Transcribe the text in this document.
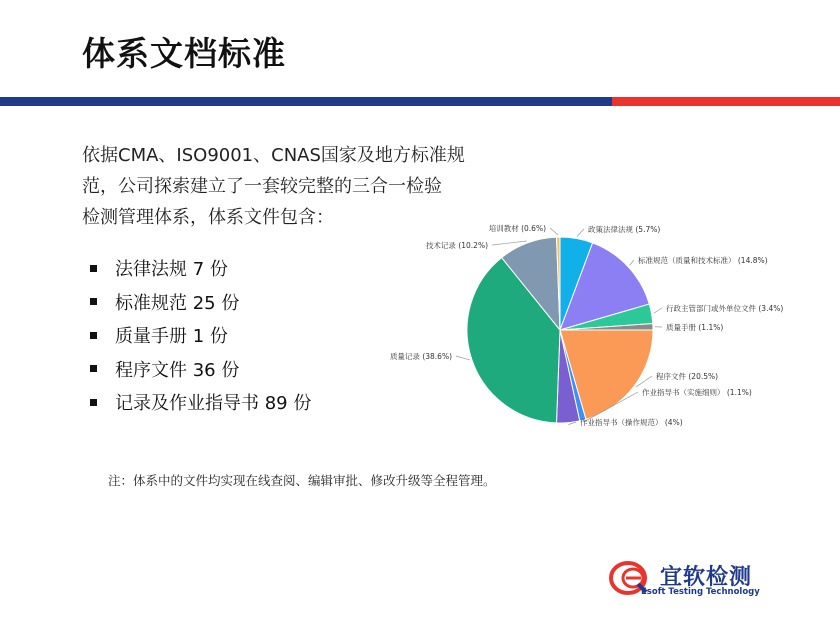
体系文档标准
依据CMA、ISO9001、CNAS国家及地方标准规
范，公司探索建立了一套较完整的三合一检验
检测管理体系，体系文件包含：
法律法规 7 份
标准规范 25 份
质量手册 1 份
程序文件 36 份
记录及作业指导书 89 份
政策法律法规 (5.7%)
标准规范（质量和技术标准） (14.8%)
行政主管部门或外单位文件 (3.4%)
质量手册 (1.1%)
程序文件 (20.5%)
作业指导书（实施细则） (1.1%)
作业指导书（操作规范） (4%)
质量记录 (38.6%)
技术记录 (10.2%)
培训教材 (0.6%)
注：体系中的文件均实现在线查阅、编辑审批、修改升级等全程管理。
宜软检测
Esoft Testing Technology
